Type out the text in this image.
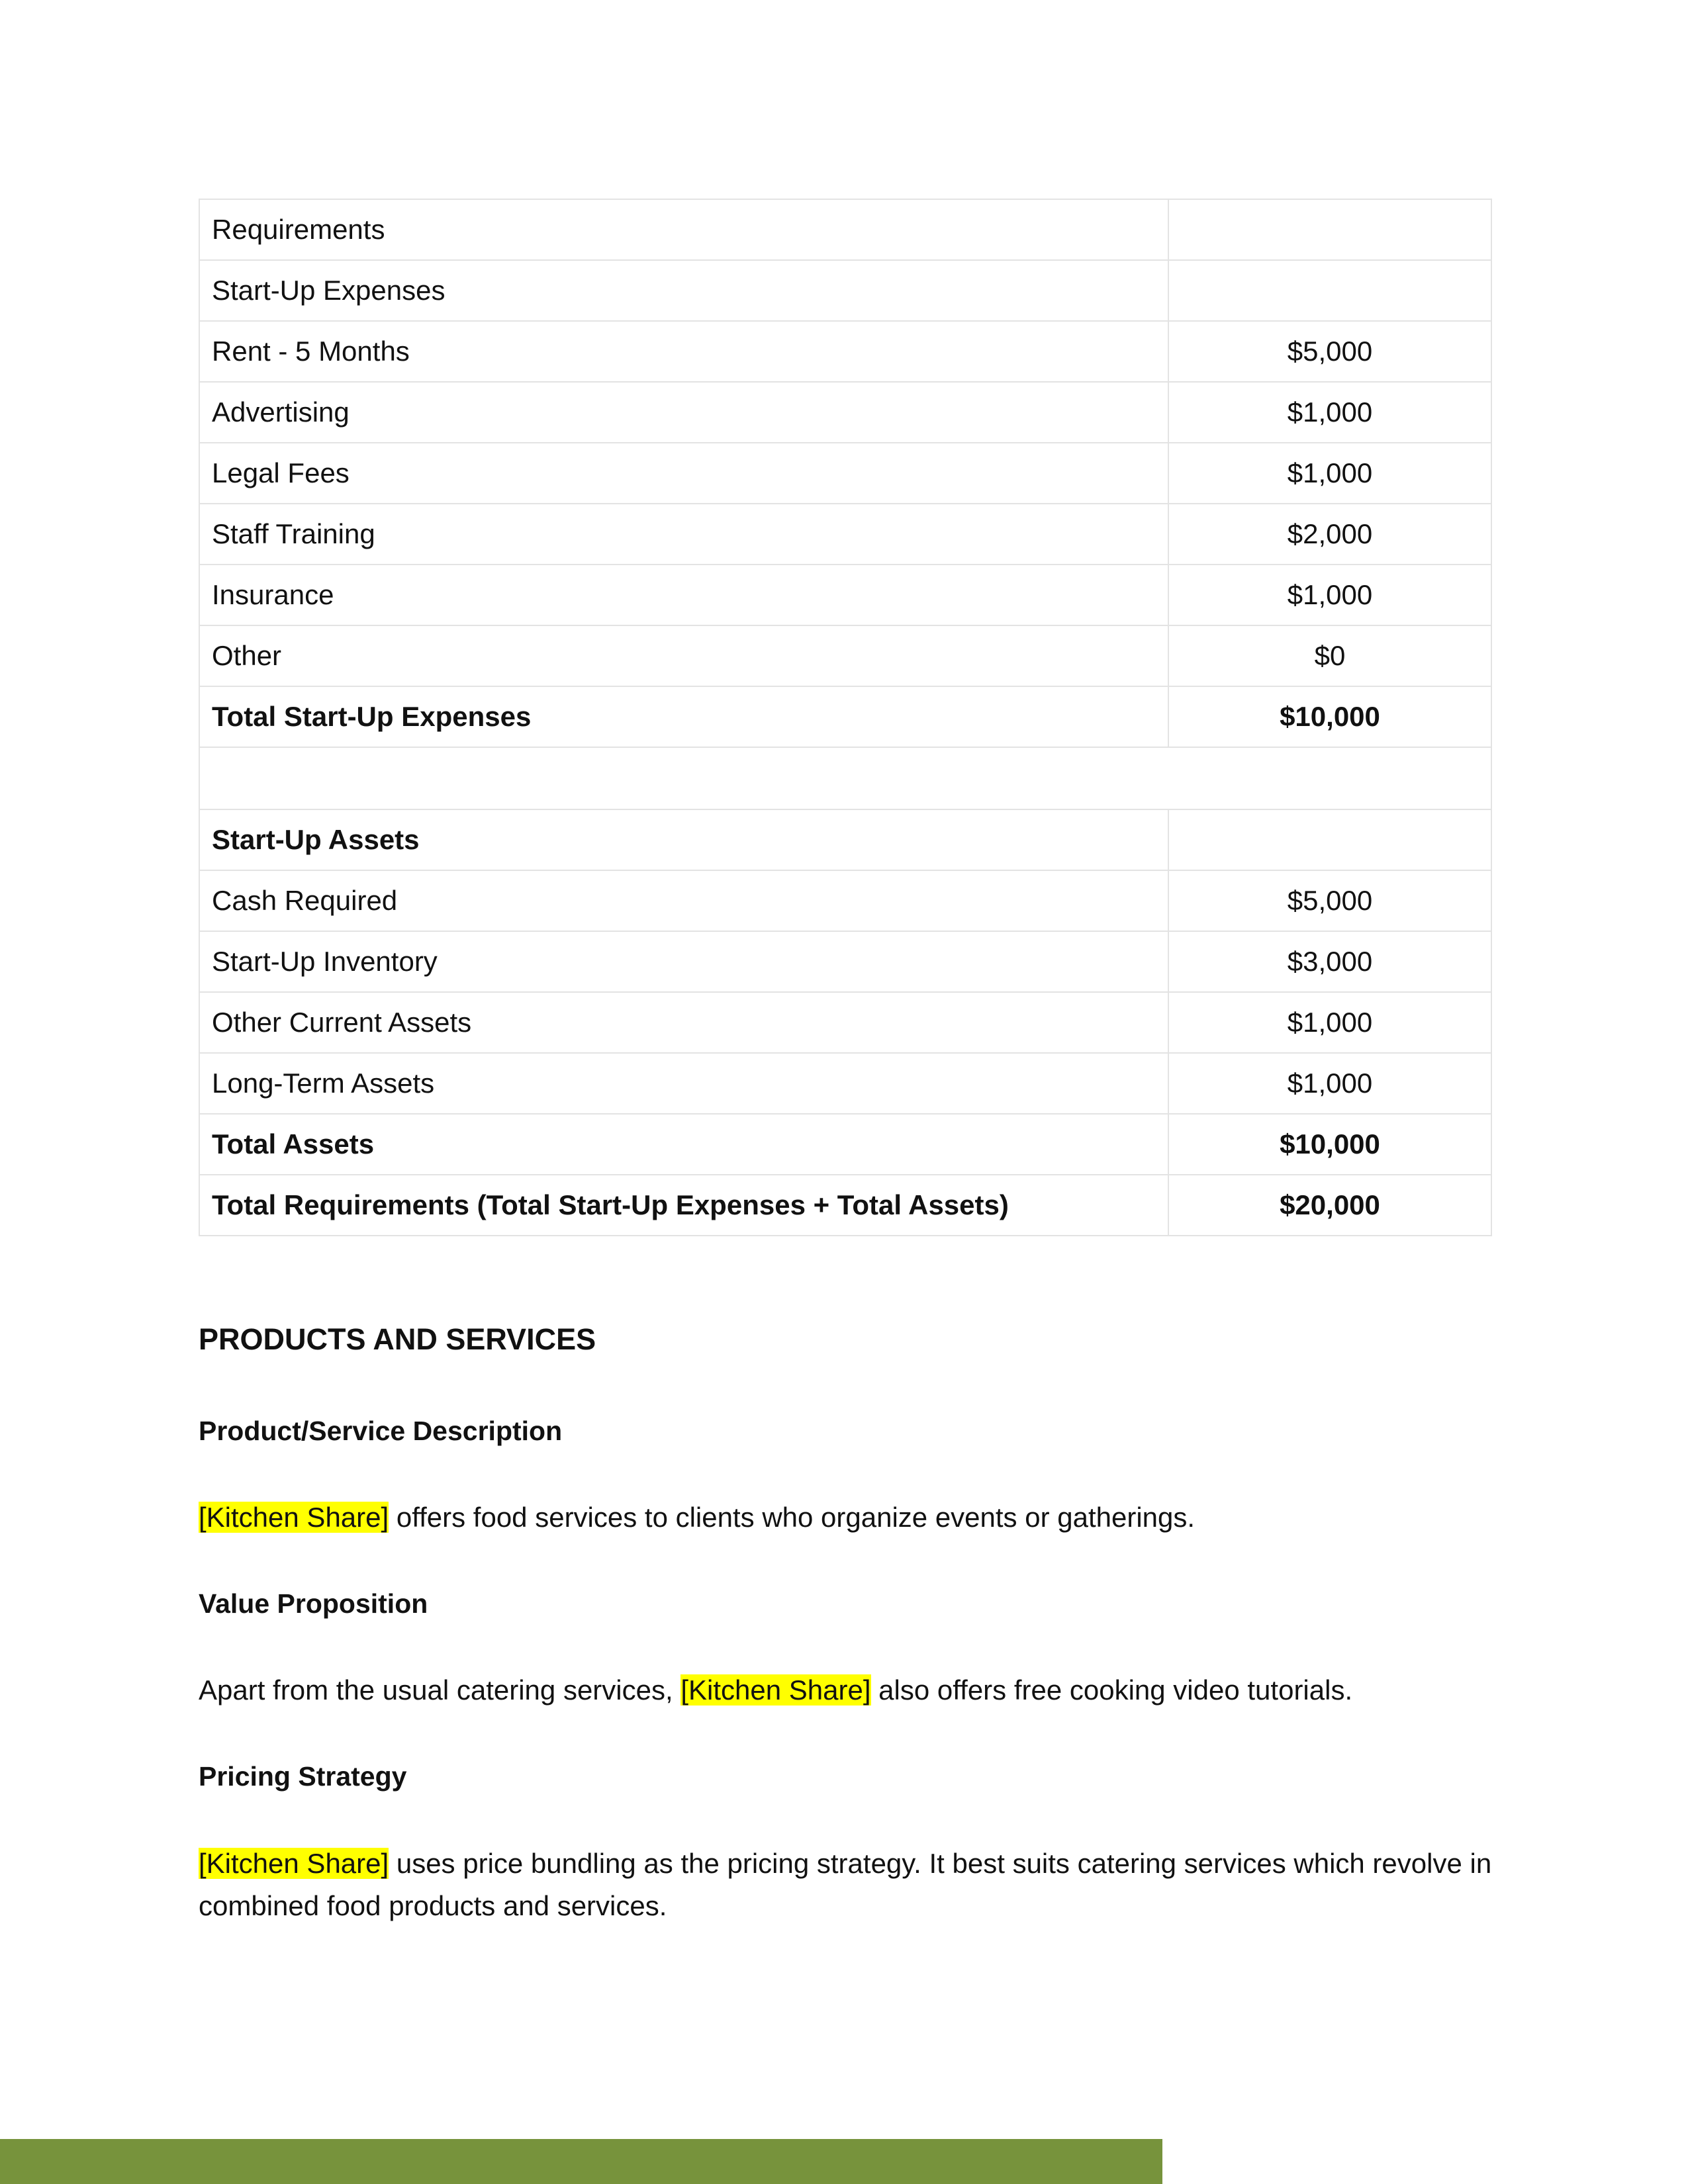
Requirements	
Start-Up Expenses	
Rent - 5 Months	$5,000
Advertising	$1,000
Legal Fees	$1,000
Staff Training	$2,000
Insurance	$1,000
Other	$0
Total Start-Up Expenses	$10,000

Start-Up Assets	
Cash Required	$5,000
Start-Up Inventory	$3,000
Other Current Assets	$1,000
Long-Term Assets	$1,000
Total Assets	$10,000
Total Requirements (Total Start-Up Expenses + Total Assets)	$20,000
PRODUCTS AND SERVICES
Product/Service Description

[Kitchen Share] offers food services to clients who organize events or gatherings.

Value Proposition

Apart from the usual catering services, [Kitchen Share] also offers free cooking video tutorials.

Pricing Strategy

[Kitchen Share] uses price bundling as the pricing strategy. It best suits catering services which revolve in combined food products and services.
